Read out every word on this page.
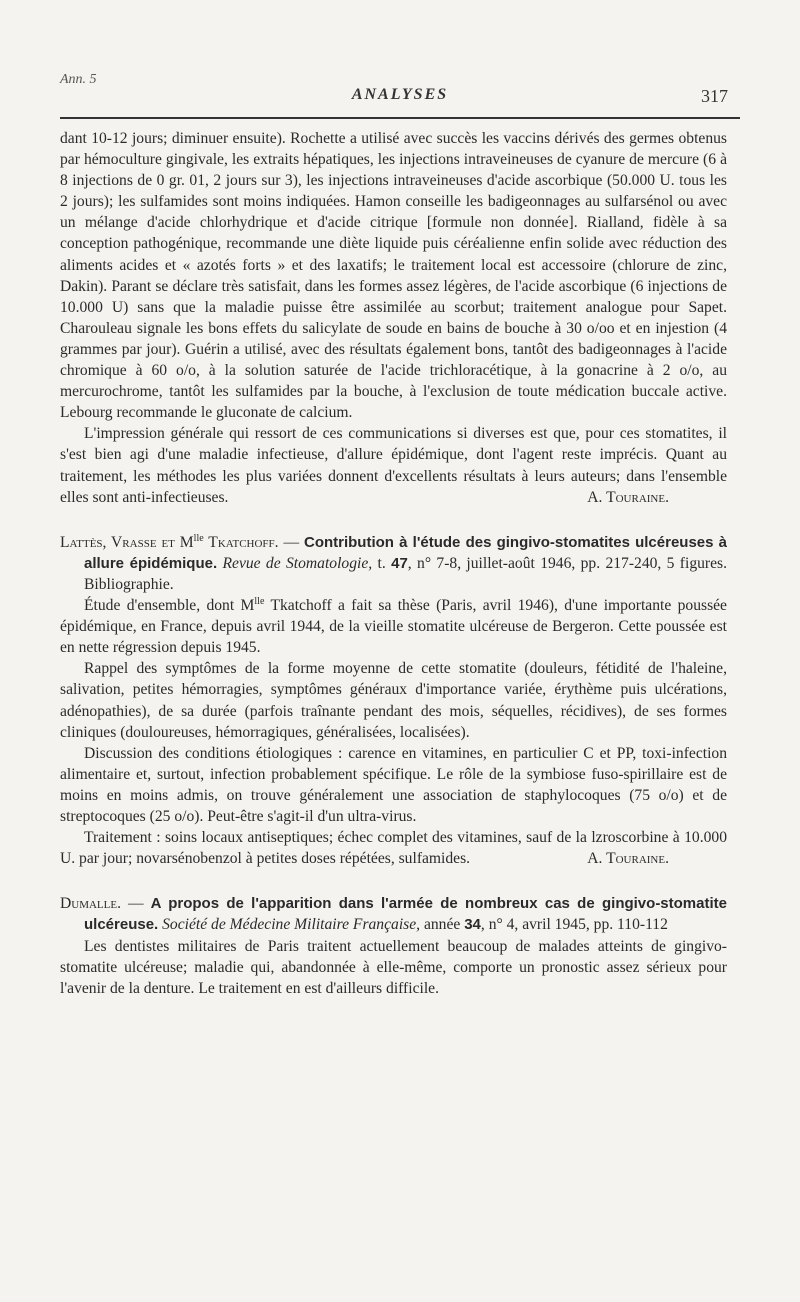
Ann. 5
ANALYSES	317

dant 10-12 jours; diminuer ensuite). Rochette a utilisé avec succès les vaccins dérivés des germes obtenus par hémoculture gingivale, les extraits hépatiques, les injections intraveineuses de cyanure de mercure (6 à 8 injections de 0 gr. 01, 2 jours sur 3), les injections intraveineuses d'acide ascorbique (50.000 U. tous les 2 jours); les sulfamides sont moins indiquées. Hamon conseille les badigeonnages au sulfarsénol ou avec un mélange d'acide chlorhydrique et d'acide citrique [formule non donnée]. Rialland, fidèle à sa conception pathogénique, recommande une diète liquide puis céréalienne enfin solide avec réduction des aliments acides et « azotés forts » et des laxatifs; le traitement local est accessoire (chlorure de zinc, Dakin). Parant se déclare très satisfait, dans les formes assez légères, de l'acide ascorbique (6 injections de 10.000 U) sans que la maladie puisse être assimilée au scorbut; traitement analogue pour Sapet. Charouleau signale les bons effets du salicylate de soude en bains de bouche à 30 o/oo et en injestion (4 grammes par jour). Guérin a utilisé, avec des résultats également bons, tantôt des badigeonnages à l'acide chromique à 60 o/o, à la solution saturée de l'acide trichloracétique, à la gonacrine à 2 o/o, au mercurochrome, tantôt les sulfamides par la bouche, à l'exclusion de toute médication buccale active. Lebourg recommande le gluconate de calcium.

L'impression générale qui ressort de ces communications si diverses est que, pour ces stomatites, il s'est bien agi d'une maladie infectieuse, d'allure épidémique, dont l'agent reste imprécis. Quant au traitement, les méthodes les plus variées donnent d'excellents résultats à leurs auteurs; dans l'ensemble elles sont anti-infectieuses.	A. Touraine.

Lattès, Vrasse et $M^{lle}$ Tkatchoff. — Contribution à l'étude des gingivo-stomatites ulcéreuses à allure épidémique. Revue de Stomatologie, t. 47, n° 7-8, juillet-août 1946, pp. 217-240, 5 figures. Bibliographie.

Étude d'ensemble, dont $M^{lle}$ Tkatchoff a fait sa thèse (Paris, avril 1946), d'une importante poussée épidémique, en France, depuis avril 1944, de la vieille stomatite ulcéreuse de Bergeron. Cette poussée est en nette régression depuis 1945.

Rappel des symptômes de la forme moyenne de cette stomatite (douleurs, fétidité de l'haleine, salivation, petites hémorragies, symptômes généraux d'importance variée, érythème puis ulcérations, adénopathies), de sa durée (parfois traînante pendant des mois, séquelles, récidives), de ses formes cliniques (douloureuses, hémorragiques, généralisées, localisées).

Discussion des conditions étiologiques : carence en vitamines, en particulier C et PP, toxi-infection alimentaire et, surtout, infection probablement spécifique. Le rôle de la symbiose fuso-spirillaire est de moins en moins admis, on trouve généralement une association de staphylocoques (75 o/o) et de streptocoques (25 o/o). Peut-être s'agit-il d'un ultra-virus.

Traitement : soins locaux antiseptiques; échec complet des vitamines, sauf de la lzroscorbine à 10.000 U. par jour; novarsénobenzol à petites doses répétées, sulfamides.	A. Touraine.

Dumalle. — A propos de l'apparition dans l'armée de nombreux cas de gingivo-stomatite ulcéreuse. Société de Médecine Militaire Française, année 34, n° 4, avril 1945, pp. 110-112

Les dentistes militaires de Paris traitent actuellement beaucoup de malades atteints de gingivo-stomatite ulcéreuse; maladie qui, abandonnée à elle-même, comporte un pronostic assez sérieux pour l'avenir de la denture. Le traitement en est d'ailleurs difficile.
